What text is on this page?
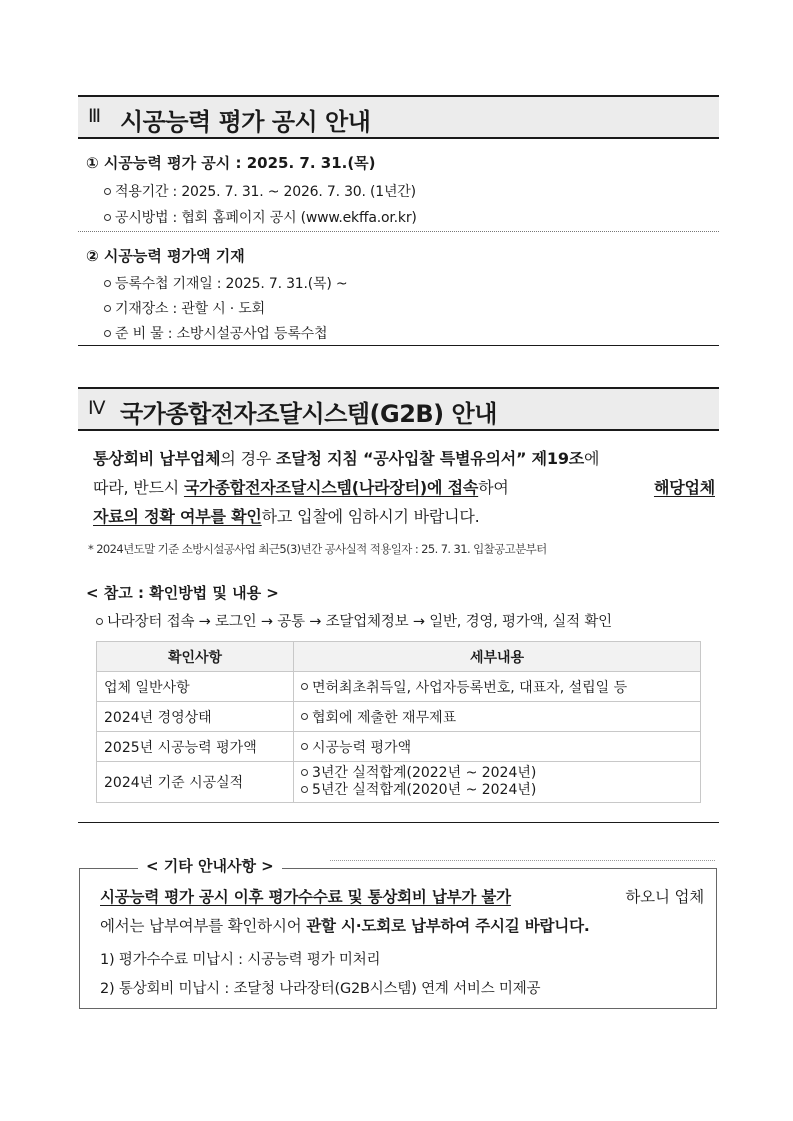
Ⅲ 시공능력 평가 공시 안내
① 시공능력 평가 공시 : 2025. 7. 31.(목)
적용기간 : 2025. 7. 31. ~ 2026. 7. 30. (1년간)
공시방법 : 협회 홈페이지 공시 (www.ekffa.or.kr)
② 시공능력 평가액 기재
등록수첩 기재일 : 2025. 7. 31.(목) ~
기재장소 : 관할 시 · 도회
준 비 물 : 소방시설공사업 등록수첩
Ⅳ 국가종합전자조달시스템(G2B) 안내
통상회비 납부업체의 경우 조달청 지침 “공사입찰 특별유의서” 제19조에
따라, 반드시 국가종합전자조달시스템(나라장터)에 접속하여	해당업체
자료의 정확 여부를 확인하고 입찰에 임하시기 바랍니다.
* 2024년도말 기준 소방시설공사업 최근5(3)년간 공사실적 적용일자 : 25. 7. 31. 입찰공고분부터
< 참고 : 확인방법 및 내용 >
나라장터 접속 → 로그인 → 공통 → 조달업체정보 → 일반, 경영, 평가액, 실적 확인
확인사항	세부내용
업체 일반사항	면허최초취득일, 사업자등록번호, 대표자, 설립일 등
2024년 경영상태	협회에 제출한 재무제표
2025년 시공능력 평가액	시공능력 평가액
2024년 기준 시공실적	3년간 실적합계(2022년 ~ 2024년)
5년간 실적합계(2020년 ~ 2024년)
< 기타 안내사항 >
시공능력 평가 공시 이후 평가수수료 및 통상회비 납부가 불가	하오니 업체
에서는 납부여부를 확인하시어 관할 시·도회로 납부하여 주시길 바랍니다.
1) 평가수수료 미납시 : 시공능력 평가 미처리
2) 통상회비 미납시 : 조달청 나라장터(G2B시스템) 연계 서비스 미제공
